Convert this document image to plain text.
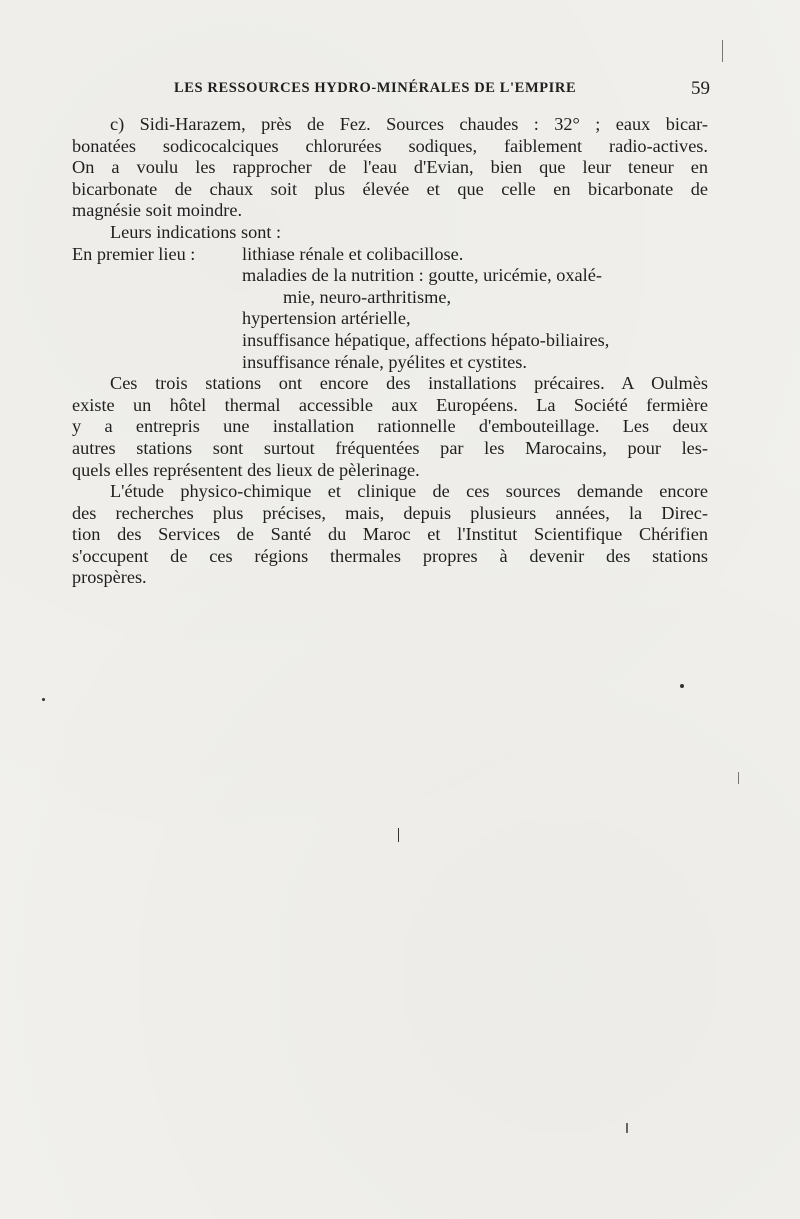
LES RESSOURCES HYDRO-MINÉRALES DE L'EMPIRE	59
c) Sidi-Harazem, près de Fez. Sources chaudes : 32° ; eaux bicar-
bonatées sodicocalciques chlorurées sodiques, faiblement radio-actives.
On a voulu les rapprocher de l'eau d'Evian, bien que leur teneur en
bicarbonate de chaux soit plus élevée et que celle en bicarbonate de
magnésie soit moindre.
Leurs indications sont :
En premier lieu :	lithiase rénale et colibacillose.
maladies de la nutrition : goutte, uricémie, oxalé-
mie, neuro-arthritisme,
hypertension artérielle,
insuffisance hépatique, affections hépato-biliaires,
insuffisance rénale, pyélites et cystites.
Ces trois stations ont encore des installations précaires. A Oulmès
existe un hôtel thermal accessible aux Européens. La Société fermière
y a entrepris une installation rationnelle d'embouteillage. Les deux
autres stations sont surtout fréquentées par les Marocains, pour les-
quels elles représentent des lieux de pèlerinage.
L'étude physico-chimique et clinique de ces sources demande encore
des recherches plus précises, mais, depuis plusieurs années, la Direc-
tion des Services de Santé du Maroc et l'Institut Scientifique Chérifien
s'occupent de ces régions thermales propres à devenir des stations
prospères.
